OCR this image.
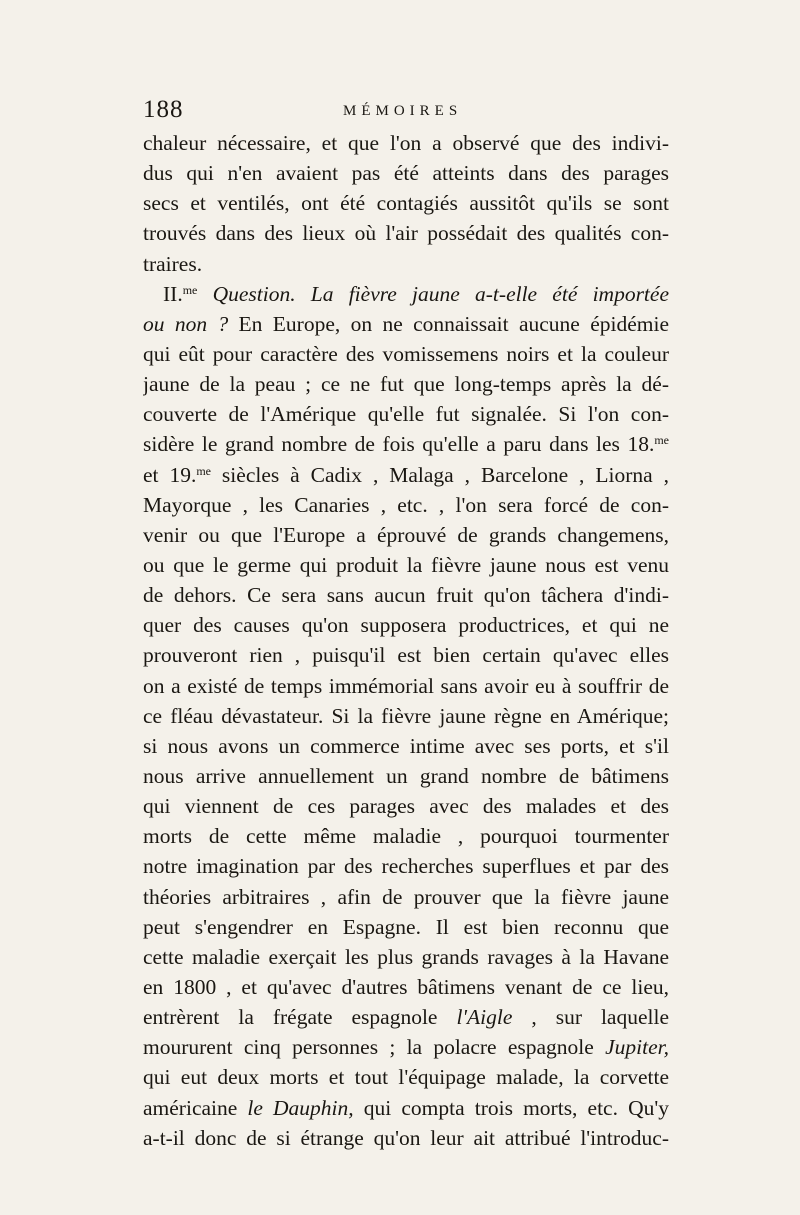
188	MÉMOIRES
chaleur nécessaire, et que l'on a observé que des indivi-
dus qui n'en avaient pas été atteints dans des parages
secs et ventilés, ont été contagiés aussitôt qu'ils se sont
trouvés dans des lieux où l'air possédait des qualités con-
traires.
II.$^{me}$ Question. La fièvre jaune a-t-elle été importée
ou non ? En Europe, on ne connaissait aucune épidémie
qui eût pour caractère des vomissemens noirs et la couleur
jaune de la peau ; ce ne fut que long-temps après la dé-
couverte de l'Amérique qu'elle fut signalée. Si l'on con-
sidère le grand nombre de fois qu'elle a paru dans les 18.$^{me}$
et 19.$^{me}$ siècles à Cadix , Malaga , Barcelone , Liorna ,
Mayorque , les Canaries , etc. , l'on sera forcé de con-
venir ou que l'Europe a éprouvé de grands changemens,
ou que le germe qui produit la fièvre jaune nous est venu
de dehors. Ce sera sans aucun fruit qu'on tâchera d'indi-
quer des causes qu'on supposera productrices, et qui ne
prouveront rien , puisqu'il est bien certain qu'avec elles
on a existé de temps immémorial sans avoir eu à souffrir de
ce fléau dévastateur. Si la fièvre jaune règne en Amérique;
si nous avons un commerce intime avec ses ports, et s'il
nous arrive annuellement un grand nombre de bâtimens
qui viennent de ces parages avec des malades et des
morts de cette même maladie , pourquoi tourmenter
notre imagination par des recherches superflues et par des
théories arbitraires , afin de prouver que la fièvre jaune
peut s'engendrer en Espagne. Il est bien reconnu que
cette maladie exerçait les plus grands ravages à la Havane
en 1800 , et qu'avec d'autres bâtimens venant de ce lieu,
entrèrent la frégate espagnole l'Aigle , sur laquelle
moururent cinq personnes ; la polacre espagnole Jupiter,
qui eut deux morts et tout l'équipage malade, la corvette
américaine le Dauphin, qui compta trois morts, etc. Qu'y
a-t-il donc de si étrange qu'on leur ait attribué l'introduc-
